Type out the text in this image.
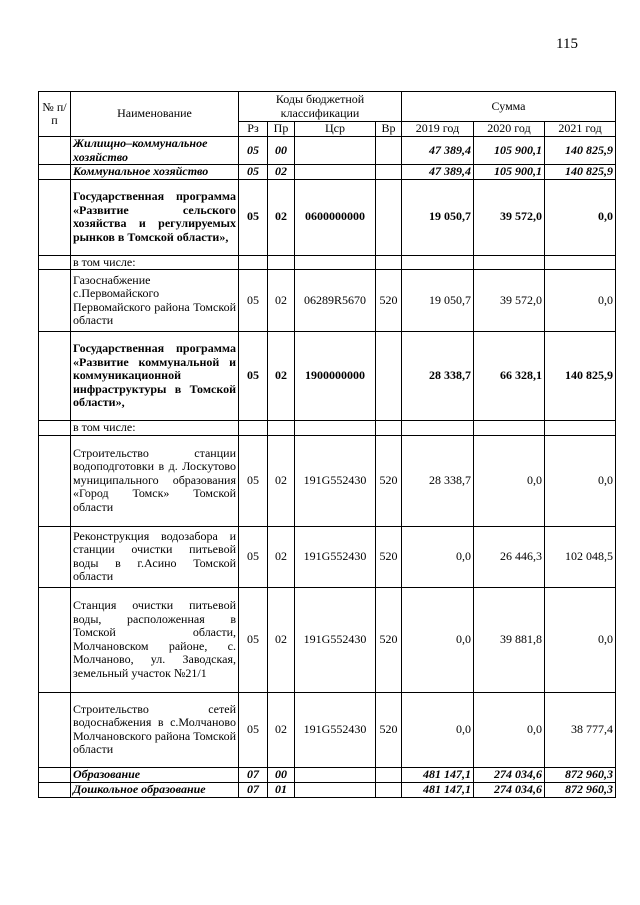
115
№ п/п	Наименование	Коды бюджетной классификации				Сумма		
		Рз	Пр	Цср	Вр	2019 год	2020 год	2021 год
	Жилищно–коммунальное хозяйство	05	00			47 389,4	105 900,1	140 825,9
	Коммунальное хозяйство	05	02			47 389,4	105 900,1	140 825,9
	Государственная программа «Развитие сельского хозяйства и регулируемых рынков в Томской области»,	05	02	0600000000		19 050,7	39 572,0	0,0
	в том числе:							
	Газоснабжение с.Первомайского Первомайского района Томской области	05	02	06289R5670	520	19 050,7	39 572,0	0,0
	Государственная программа «Развитие коммунальной и коммуникационной инфраструктуры в Томской области»,	05	02	1900000000		28 338,7	66 328,1	140 825,9
	в том числе:							
	Строительство станции водоподготовки в д. Лоскутово муниципального образования «Город Томск» Томской области	05	02	191G552430	520	28 338,7	0,0	0,0
	Реконструкция водозабора и станции очистки питьевой воды в г.Асино Томской области	05	02	191G552430	520	0,0	26 446,3	102 048,5
	Станция очистки питьевой воды, расположенная в Томской области, Молчановском районе, с. Молчаново, ул. Заводская, земельный участок №21/1	05	02	191G552430	520	0,0	39 881,8	0,0
	Строительство сетей водоснабжения в с.Молчаново Молчановского района Томской области	05	02	191G552430	520	0,0	0,0	38 777,4
	Образование	07	00			481 147,1	274 034,6	872 960,3
	Дошкольное образование	07	01			481 147,1	274 034,6	872 960,3
